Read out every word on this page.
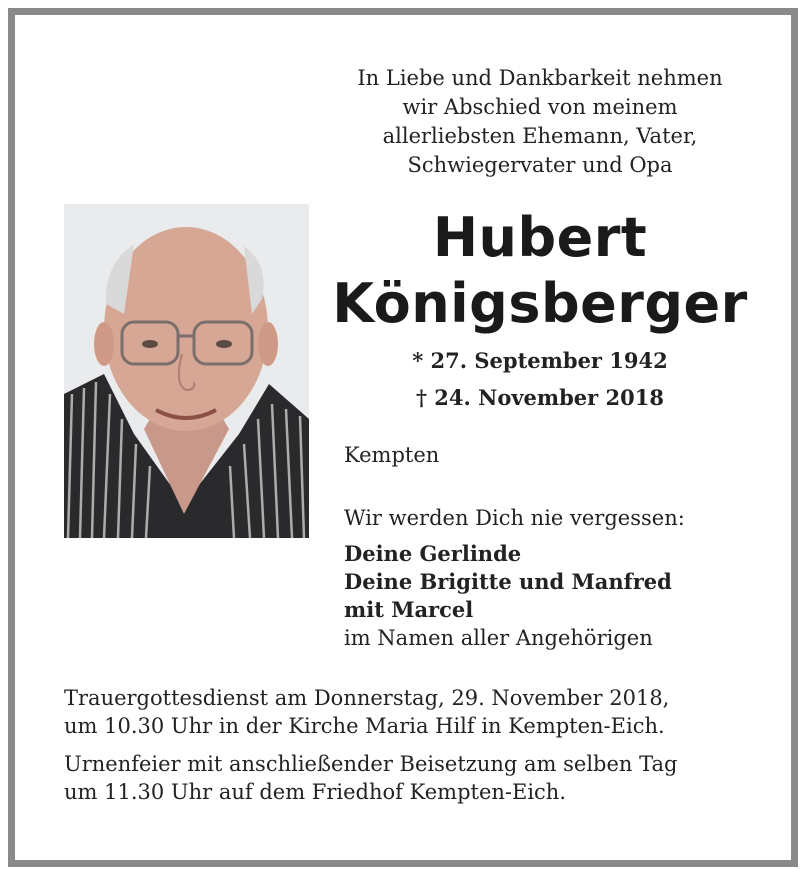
In Liebe und Dankbarkeit nehmen
wir Abschied von meinem
allerliebsten Ehemann, Vater,
Schwiegervater und Opa
Hubert
Königsberger
* 27. September 1942
† 24. November 2018
Kempten
Wir werden Dich nie vergessen:
Deine Gerlinde
Deine Brigitte und Manfred
mit Marcel
im Namen aller Angehörigen

Trauergottesdienst am Donnerstag, 29. November 2018,
um 10.30 Uhr in der Kirche Maria Hilf in Kempten-Eich.

Urnenfeier mit anschließender Beisetzung am selben Tag
um 11.30 Uhr auf dem Friedhof Kempten-Eich.
